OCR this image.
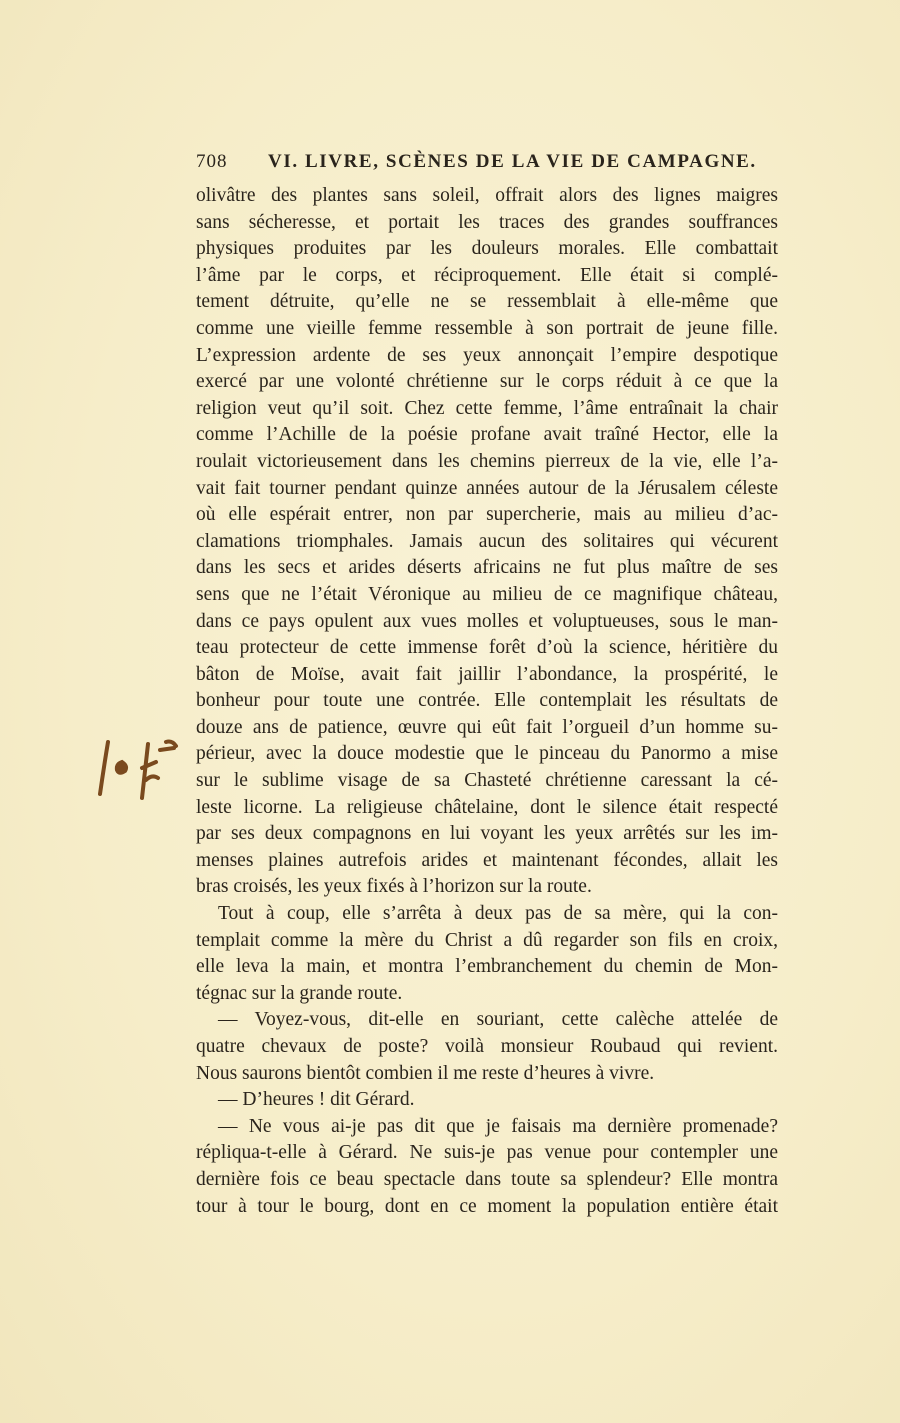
708 VI. LIVRE, SCÈNES DE LA VIE DE CAMPAGNE.
olivâtre des plantes sans soleil, offrait alors des lignes maigres
sans sécheresse, et portait les traces des grandes souffrances
physiques produites par les douleurs morales. Elle combattait
l’âme par le corps, et réciproquement. Elle était si complé-
tement détruite, qu’elle ne se ressemblait à elle-même que
comme une vieille femme ressemble à son portrait de jeune fille.
L’expression ardente de ses yeux annonçait l’empire despotique
exercé par une volonté chrétienne sur le corps réduit à ce que la
religion veut qu’il soit. Chez cette femme, l’âme entraînait la chair
comme l’Achille de la poésie profane avait traîné Hector, elle la
roulait victorieusement dans les chemins pierreux de la vie, elle l’a-
vait fait tourner pendant quinze années autour de la Jérusalem céleste
où elle espérait entrer, non par supercherie, mais au milieu d’ac-
clamations triomphales. Jamais aucun des solitaires qui vécurent
dans les secs et arides déserts africains ne fut plus maître de ses
sens que ne l’était Véronique au milieu de ce magnifique château,
dans ce pays opulent aux vues molles et voluptueuses, sous le man-
teau protecteur de cette immense forêt d’où la science, héritière du
bâton de Moïse, avait fait jaillir l’abondance, la prospérité, le
bonheur pour toute une contrée. Elle contemplait les résultats de
douze ans de patience, œuvre qui eût fait l’orgueil d’un homme su-
périeur, avec la douce modestie que le pinceau du Panormo a mise
sur le sublime visage de sa Chasteté chrétienne caressant la cé-
leste licorne. La religieuse châtelaine, dont le silence était respecté
par ses deux compagnons en lui voyant les yeux arrêtés sur les im-
menses plaines autrefois arides et maintenant fécondes, allait les
bras croisés, les yeux fixés à l’horizon sur la route.
Tout à coup, elle s’arrêta à deux pas de sa mère, qui la con-
templait comme la mère du Christ a dû regarder son fils en croix,
elle leva la main, et montra l’embranchement du chemin de Mon-
tégnac sur la grande route.
— Voyez-vous, dit-elle en souriant, cette calèche attelée de
quatre chevaux de poste? voilà monsieur Roubaud qui revient.
Nous saurons bientôt combien il me reste d’heures à vivre.
— D’heures ! dit Gérard.
— Ne vous ai-je pas dit que je faisais ma dernière promenade?
répliqua-t-elle à Gérard. Ne suis-je pas venue pour contempler une
dernière fois ce beau spectacle dans toute sa splendeur? Elle montra
tour à tour le bourg, dont en ce moment la population entière était
